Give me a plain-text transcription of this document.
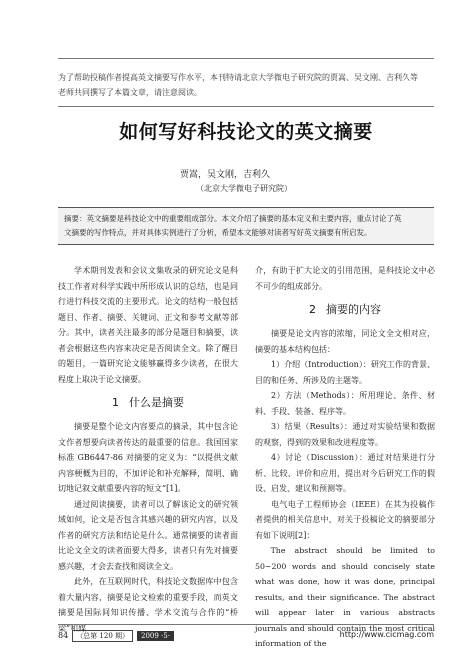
为了帮助投稿作者提高英文摘要写作水平，本刊特请北京大学微电子研究院的贾嵩、吴文刚、吉利久等
老师共同撰写了本篇文章，请注意阅读。
如何写好科技论文的英文摘要
贾嵩，吴文刚，吉利久
（北京大学微电子研究院）
摘要：英文摘要是科技论文中的重要组成部分。本文介绍了摘要的基本定义和主要内容，重点讨论了英
文摘要的写作特点，并对具体实例进行了分析，希望本文能够对读者写好英文摘要有所启发。

学术期刊发表和会议文集收录的研究论文是科技工作者对科学实践中所形成认识的总结，也是同行进行科技交流的主要形式。论文的结构一般包括题目、作者、摘要、关键词、正文和参考文献等部分。其中，读者关注最多的部分是题目和摘要，读者会根据这些内容来决定是否阅读全文。除了醒目的题目，一篇研究论文能够赢得多少读者，在很大程度上取决于论文摘要。

1 什么是摘要

摘要是整个论文内容要点的摘录，其中包含论文作者想要向读者传达的最重要的信息。我国国家标准 GB6447-86 对摘要的定义为：“以提供文献内容梗概为目的，不加评论和补充解释，简明、确切地记叙文献重要内容的短文”[1]。

通过阅读摘要，读者可以了解该论文的研究领域如何，论文是否包含其感兴趣的研究内容，以及作者的研究方法和结论是什么。通常摘要的读者面比论文全文的读者面要大得多，读者只有先对摘要感兴趣，才会去查找和阅读全文。

此外，在互联网时代，科技论文数据库中包含着大量内容，摘要是论文检索的重要手段，而英文摘要是国际间知识传播、学术交流与合作的“桥梁”和媒

介，有助于扩大论文的引用范围，是科技论文中必不可少的组成部分。

2 摘要的内容

摘要是论文内容的浓缩，同论文全文相对应，摘要的基本结构包括：

1）介绍（Introduction）：研究工作的背景、目的和任务、所涉及的主题等。

2）方法（Methods）：所用理论、条件、材料、手段、装备、程序等。

3）结果（Results）：通过对实验结果和数据的观察，得到的效果和改进程度等。

4）讨论（Discussion）：通过对结果进行分析、比较、评价和应用，提出对今后研究工作的假设、启发、建议和预测等。

电气电子工程师协会（IEEE）在其为投稿作者提供的相关信息中，对关于投稿论文的摘要部分有如下说明[2]：

The abstract should be limited to 50~200 words and should concisely state what was done, how it was done, principal results, and their significance. The abstract will appear later in various abstracts journals and should contain the most critical information of the

84 （总第 120 期） 2009 ·5·	http://www.cicmag.com
